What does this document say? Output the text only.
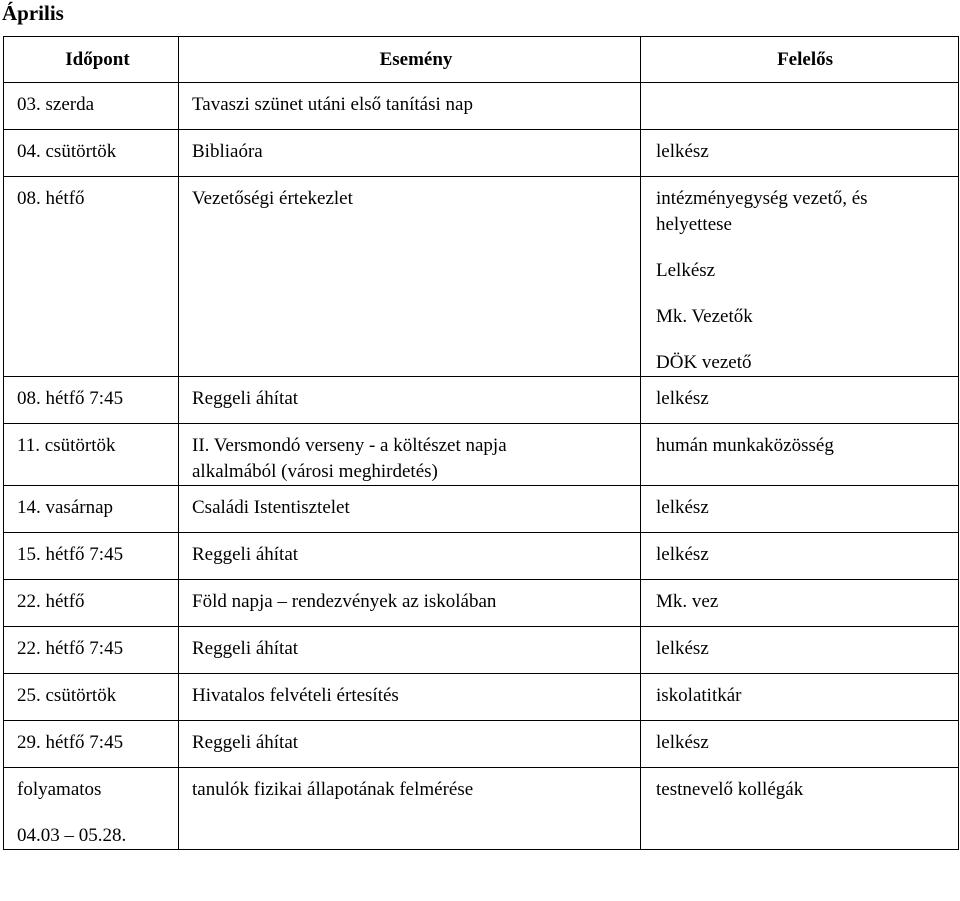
Április
Időpont	Esemény	Felelős
03. szerda	Tavaszi szünet utáni első tanítási nap	
04. csütörtök	Bibliaóra	lelkész

08. hétfő	Vezetőségi értekezlet	intézményegység vezető, és helyettese
Lelkész
Mk. Vezetők
DÖK vezető

08. hétfő 7:45	Reggeli áhítat	lelkész

11. csütörtök	II. Versmondó verseny - a költészet napja alkalmából (városi meghirdetés)	humán munkaközösség

14. vasárnap	Családi Istentisztelet	lelkész

15. hétfő 7:45	Reggeli áhítat	lelkész

22. hétfő	Föld napja – rendezvények az iskolában	Mk. vez

22. hétfő 7:45	Reggeli áhítat	lelkész

25. csütörtök	Hivatalos felvételi értesítés	iskolatitkár

29. hétfő 7:45	Reggeli áhítat	lelkész

folyamatos
04.03 – 05.28.	tanulók fizikai állapotának felmérése	testnevelő kollégák
